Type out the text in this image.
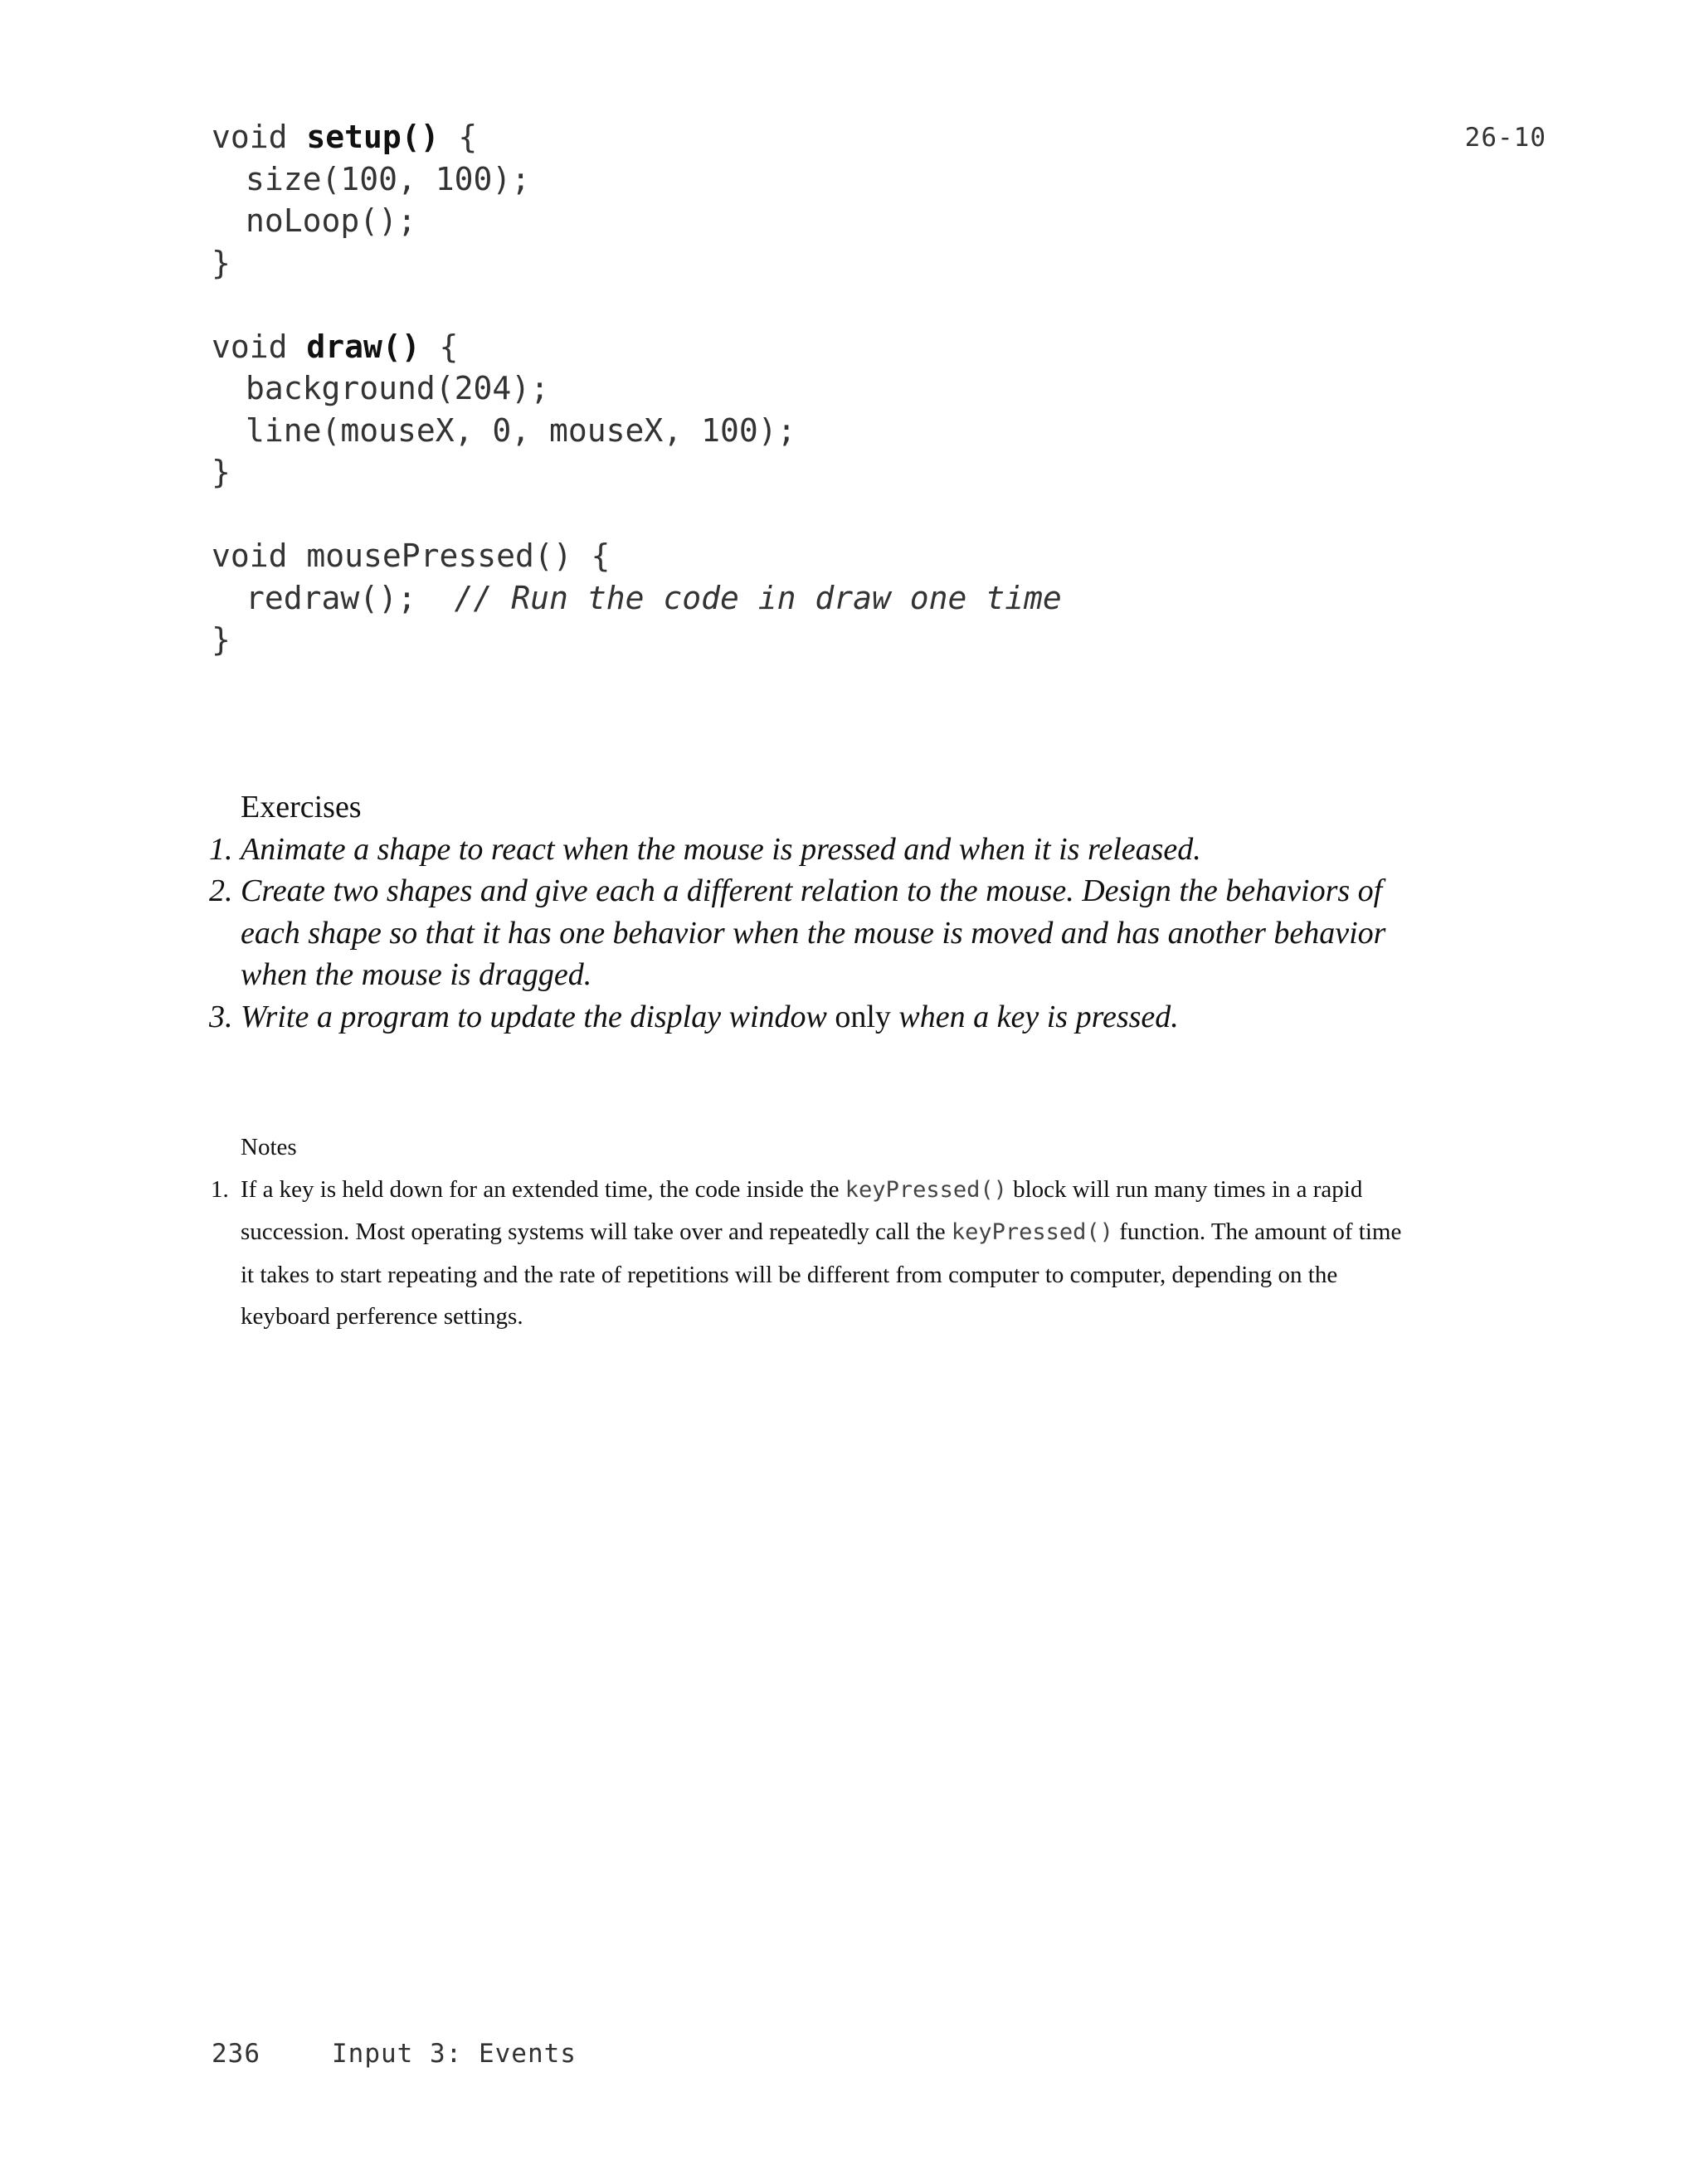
26-10
void setup() {
size(100, 100);
noLoop();
}
void draw() {
background(204);
line(mouseX, 0, mouseX, 100);
}
void mousePressed() {
redraw();  // Run the code in draw one time
}
Exercises
1. Animate a shape to react when the mouse is pressed and when it is released.
2. Create two shapes and give each a different relation to the mouse. Design the behaviors of each shape so that it has one behavior when the mouse is moved and has another behavior when the mouse is dragged.
3. Write a program to update the display window only when a key is pressed.
Notes
1. If a key is held down for an extended time, the code inside the keyPressed() block will run many times in a rapid succession. Most operating systems will take over and repeatedly call the keyPressed() function. The amount of time it takes to start repeating and the rate of repetitions will be different from computer to computer, depending on the keyboard perference settings.
236	Input 3: Events
